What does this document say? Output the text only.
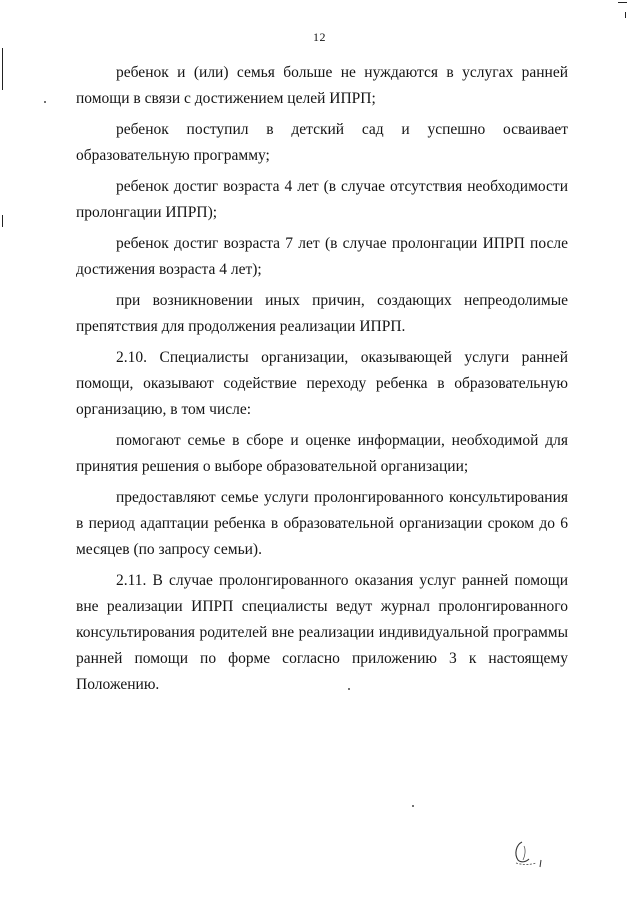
12

ребенок и (или) семья больше не нуждаются в услугах ранней помощи в связи с достижением целей ИПРП;

ребенок поступил в детский сад и успешно осваивает образовательную программу;

ребенок достиг возраста 4 лет (в случае отсутствия необходимости пролонгации ИПРП);

ребенок достиг возраста 7 лет (в случае пролонгации ИПРП после достижения возраста 4 лет);

при возникновении иных причин, создающих непреодолимые препятствия для продолжения реализации ИПРП.

2.10. Специалисты организации, оказывающей услуги ранней помощи, оказывают содействие переходу ребенка в образовательную организацию, в том числе:

помогают семье в сборе и оценке информации, необходимой для принятия решения о выборе образовательной организации;

предоставляют семье услуги пролонгированного консультирования в период адаптации ребенка в образовательной организации сроком до 6 месяцев (по запросу семьи).

2.11. В случае пролонгированного оказания услуг ранней помощи вне реализации ИПРП специалисты ведут журнал пролонгированного консультирования родителей вне реализации индивидуальной программы ранней помощи по форме согласно приложению 3 к настоящему Положению.
